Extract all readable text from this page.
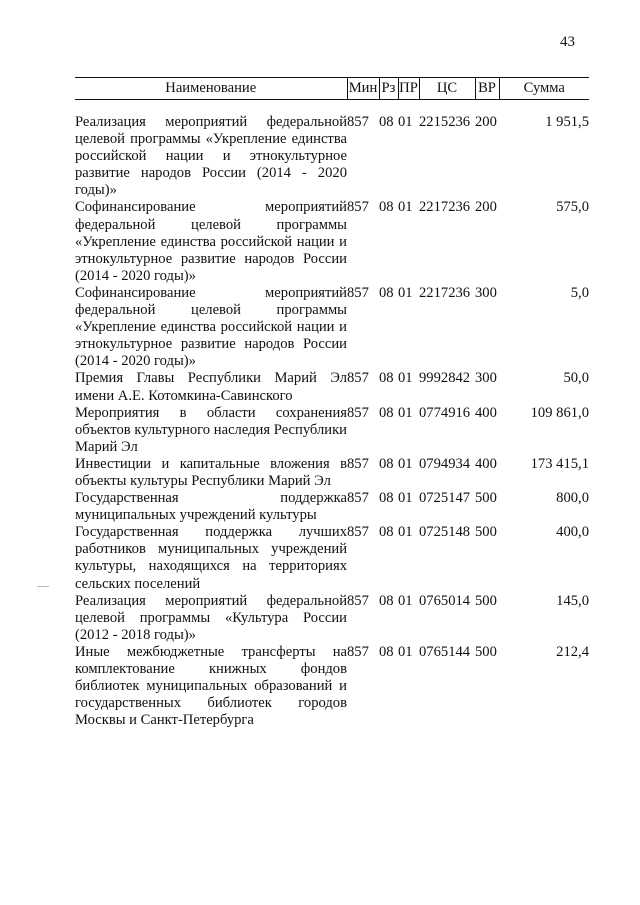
43
Наименование	Мин	Рз	ПР	ЦС	ВР	Сумма

Реализация мероприятий федеральной целевой программы «Укрепление единства российской нации и этнокультурное развитие народов России (2014 - 2020 годы)»	857	08	01	2215236	200	1 951,5
Софинансирование мероприятий федеральной целевой программы «Укрепление единства российской нации и этнокультурное развитие народов России (2014 - 2020 годы)»	857	08	01	2217236	200	575,0
Софинансирование мероприятий федеральной целевой программы «Укрепление единства российской нации и этнокультурное развитие народов России (2014 - 2020 годы)»	857	08	01	2217236	300	5,0
Премия Главы Республики Марий Эл имени А.Е. Котомкина-Савинского	857	08	01	9992842	300	50,0
Мероприятия в области сохранения объектов культурного наследия Республики Марий Эл	857	08	01	0774916	400	109 861,0
Инвестиции и капитальные вложения в объекты культуры Республики Марий Эл	857	08	01	0794934	400	173 415,1
Государственная поддержка муниципальных учреждений культуры	857	08	01	0725147	500	800,0
Государственная поддержка лучших работников муниципальных учреждений культуры, находящихся на территориях сельских поселений	857	08	01	0725148	500	400,0
Реализация мероприятий федеральной целевой программы «Культура России (2012 - 2018 годы)»	857	08	01	0765014	500	145,0
Иные межбюджетные трансферты на комплектование книжных фондов библиотек муниципальных образований и государственных библиотек городов Москвы и Санкт-Петербурга	857	08	01	0765144	500	212,4
